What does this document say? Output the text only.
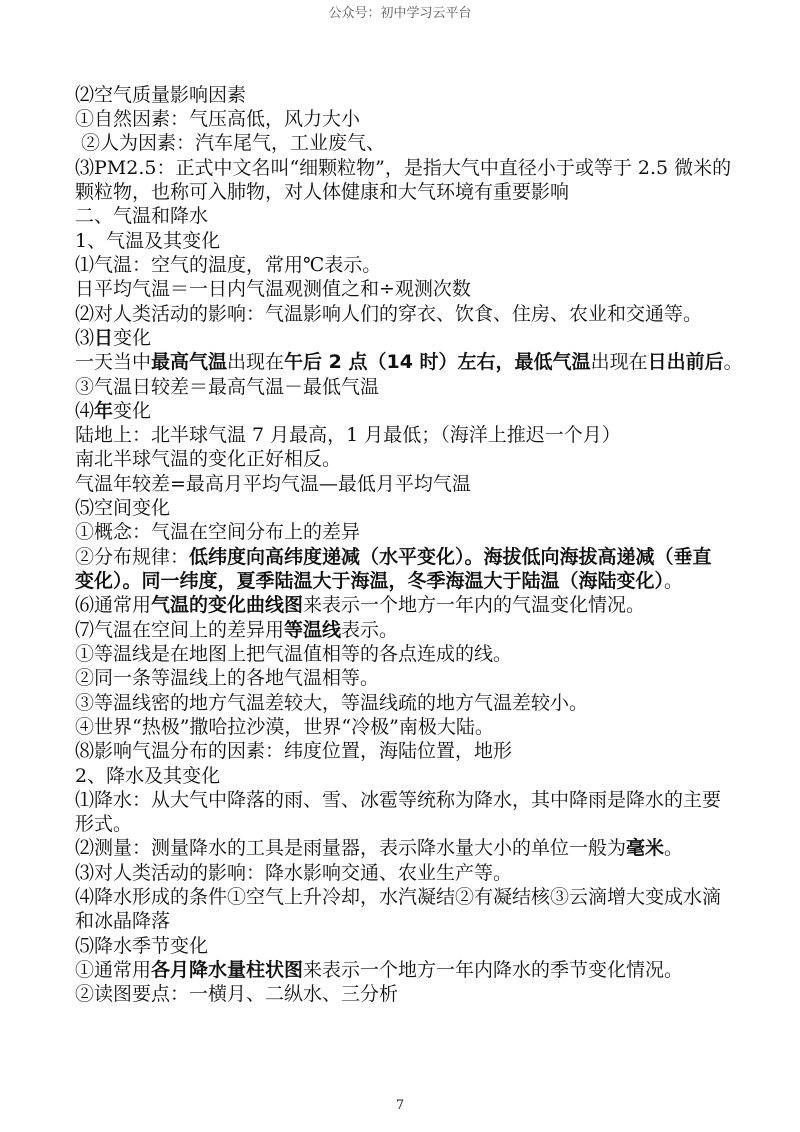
公众号：初中学习云平台
⑵空气质量影响因素
①自然因素：气压高低，风力大小
②人为因素：汽车尾气，工业废气、
⑶PM2.5：正式中文名叫“细颗粒物”，是指大气中直径小于或等于 2.5 微米的
颗粒物，也称可入肺物，对人体健康和大气环境有重要影响
二、气温和降水
1、气温及其变化
⑴气温：空气的温度，常用℃表示。
日平均气温＝一日内气温观测值之和÷观测次数
⑵对人类活动的影响：气温影响人们的穿衣、饮食、住房、农业和交通等。
⑶日变化
一天当中最高气温出现在午后 2 点（14 时）左右，最低气温出现在日出前后。
③气温日较差＝最高气温－最低气温
⑷年变化
陆地上：北半球气温 7 月最高，1 月最低；（海洋上推迟一个月）
南北半球气温的变化正好相反。
气温年较差=最高月平均气温—最低月平均气温
⑸空间变化
①概念：气温在空间分布上的差异
②分布规律：低纬度向高纬度递减（水平变化）。海拔低向海拔高递减（垂直
变化）。同一纬度，夏季陆温大于海温，冬季海温大于陆温（海陆变化）。
⑹通常用气温的变化曲线图来表示一个地方一年内的气温变化情况。
⑺气温在空间上的差异用等温线表示。
①等温线是在地图上把气温值相等的各点连成的线。
②同一条等温线上的各地气温相等。
③等温线密的地方气温差较大，等温线疏的地方气温差较小。
④世界“热极”撒哈拉沙漠，世界“冷极”南极大陆。
⑻影响气温分布的因素：纬度位置，海陆位置，地形
2、降水及其变化
⑴降水：从大气中降落的雨、雪、冰雹等统称为降水，其中降雨是降水的主要
形式。
⑵测量：测量降水的工具是雨量器，表示降水量大小的单位一般为毫米。
⑶对人类活动的影响：降水影响交通、农业生产等。
⑷降水形成的条件①空气上升冷却，水汽凝结②有凝结核③云滴增大变成水滴
和冰晶降落
⑸降水季节变化
①通常用各月降水量柱状图来表示一个地方一年内降水的季节变化情况。
②读图要点：一横月、二纵水、三分析
7
